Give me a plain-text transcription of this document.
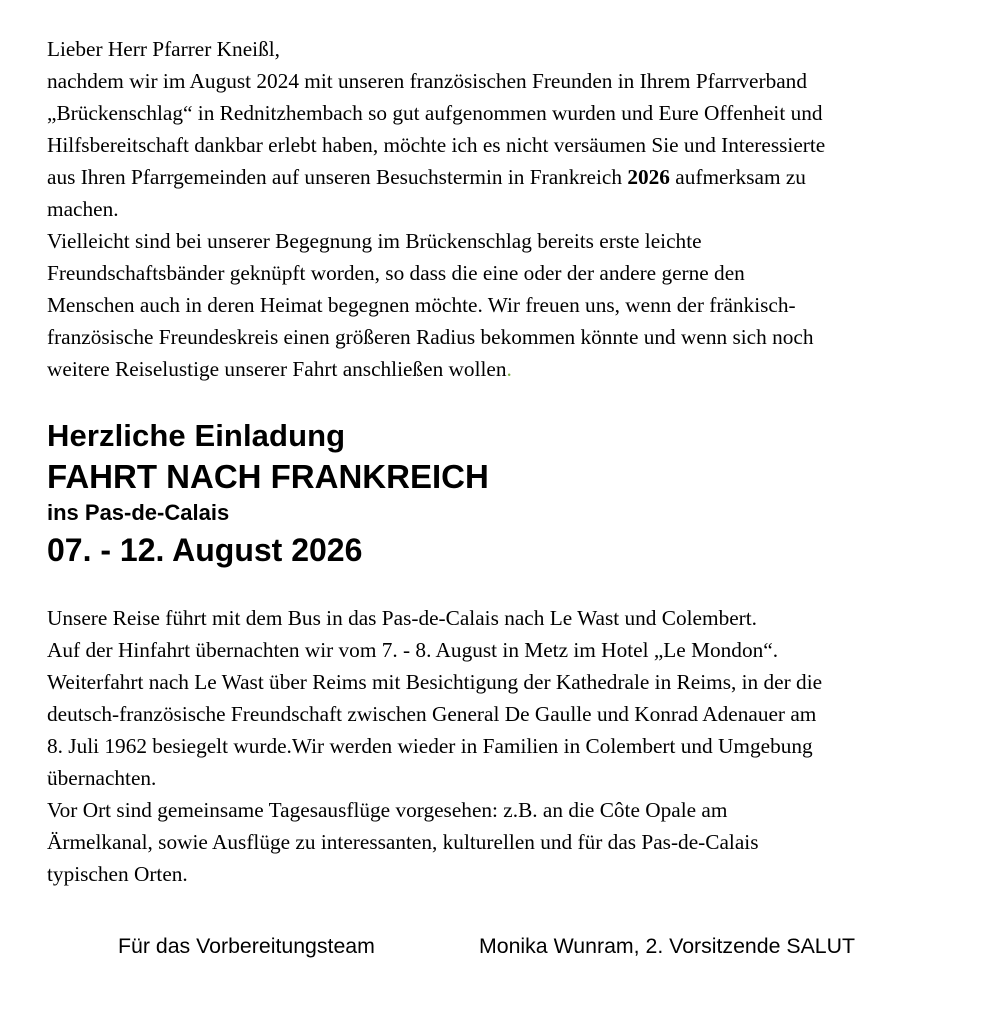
Lieber Herr Pfarrer Kneißl,

nachdem wir im August 2024 mit unseren französischen Freunden in Ihrem Pfarrverband

„Brückenschlag“ in Rednitzhembach so gut aufgenommen wurden und Eure Offenheit und

Hilfsbereitschaft dankbar erlebt haben, möchte ich es nicht versäumen Sie und Interessierte

aus Ihren Pfarrgemeinden auf unseren Besuchstermin in Frankreich 2026 aufmerksam zu

machen.

Vielleicht sind bei unserer Begegnung im Brückenschlag bereits erste leichte

Freundschaftsbänder geknüpft worden, so dass die eine oder der andere gerne den

Menschen auch in deren Heimat begegnen möchte. Wir freuen uns, wenn der fränkisch-

französische Freundeskreis einen größeren Radius bekommen könnte und wenn sich noch

weitere Reiselustige unserer Fahrt anschließen wollen.

Herzliche Einladung

FAHRT NACH FRANKREICH

ins Pas-de-Calais

07. - 12. August 2026

Unsere Reise führt mit dem Bus in das Pas-de-Calais nach Le Wast und Colembert.

Auf der Hinfahrt übernachten wir vom 7. - 8. August in Metz im Hotel „Le Mondon“.

Weiterfahrt nach Le Wast über Reims mit Besichtigung der Kathedrale in Reims, in der die

deutsch-französische Freundschaft zwischen General De Gaulle und Konrad Adenauer am

8. Juli 1962 besiegelt wurde.Wir werden wieder in Familien in Colembert und Umgebung

übernachten.

Vor Ort sind gemeinsame Tagesausflüge vorgesehen: z.B. an die Côte Opale am

Ärmelkanal, sowie Ausflüge zu interessanten, kulturellen und für das Pas-de-Calais

typischen Orten.

Für das Vorbereitungsteam	Monika Wunram, 2. Vorsitzende SALUT
